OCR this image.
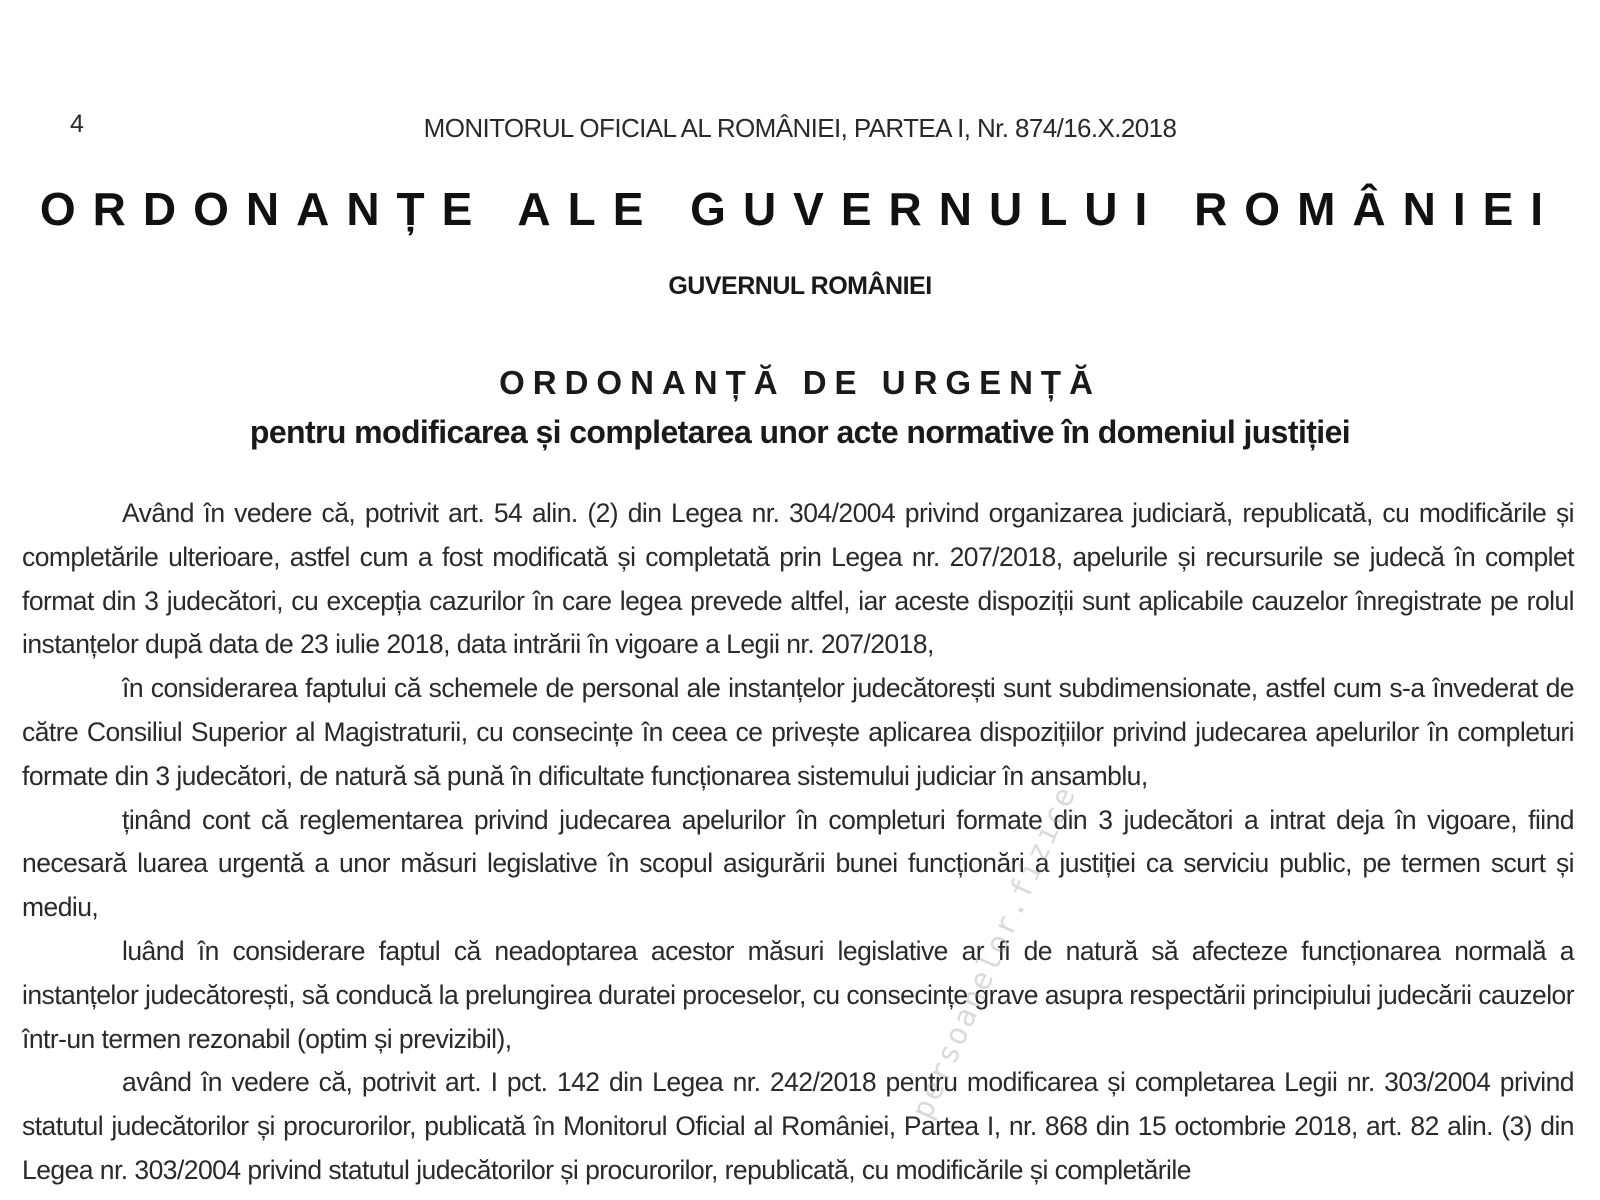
4	MONITORUL OFICIAL AL ROMÂNIEI, PARTEA I, Nr. 874/16.X.2018
ORDONANȚE ALE GUVERNULUI ROMÂNIEI
GUVERNUL ROMÂNIEI
ORDONANȚĂ DE URGENȚĂ
pentru modificarea și completarea unor acte normative în domeniul justiției

Având în vedere că, potrivit art. 54 alin. (2) din Legea nr. 304/2004 privind organizarea judiciară, republicată, cu modificările și completările ulterioare, astfel cum a fost modificată și completată prin Legea nr. 207/2018, apelurile și recursurile se judecă în complet format din 3 judecători, cu excepția cazurilor în care legea prevede altfel, iar aceste dispoziții sunt aplicabile cauzelor înregistrate pe rolul instanțelor după data de 23 iulie 2018, data intrării în vigoare a Legii nr. 207/2018,

în considerarea faptului că schemele de personal ale instanțelor judecătorești sunt subdimensionate, astfel cum s-a învederat de către Consiliul Superior al Magistraturii, cu consecințe în ceea ce privește aplicarea dispozițiilor privind judecarea apelurilor în completuri formate din 3 judecători, de natură să pună în dificultate funcționarea sistemului judiciar în ansamblu,

ținând cont că reglementarea privind judecarea apelurilor în completuri formate din 3 judecători a intrat deja în vigoare, fiind necesară luarea urgentă a unor măsuri legislative în scopul asigurării bunei funcționări a justiției ca serviciu public, pe termen scurt și mediu,

luând în considerare faptul că neadoptarea acestor măsuri legislative ar fi de natură să afecteze funcționarea normală a instanțelor judecătorești, să conducă la prelungirea duratei proceselor, cu consecințe grave asupra respectării principiului judecării cauzelor într-un termen rezonabil (optim și previzibil),

având în vedere că, potrivit art. I pct. 142 din Legea nr. 242/2018 pentru modificarea și completarea Legii nr. 303/2004 privind statutul judecătorilor și procurorilor, publicată în Monitorul Oficial al României, Partea I, nr. 868 din 15 octombrie 2018, art. 82 alin. (3) din Legea nr. 303/2004 privind statutul judecătorilor și procurorilor, republicată, cu modificările și completările

persoanelor.fizice
